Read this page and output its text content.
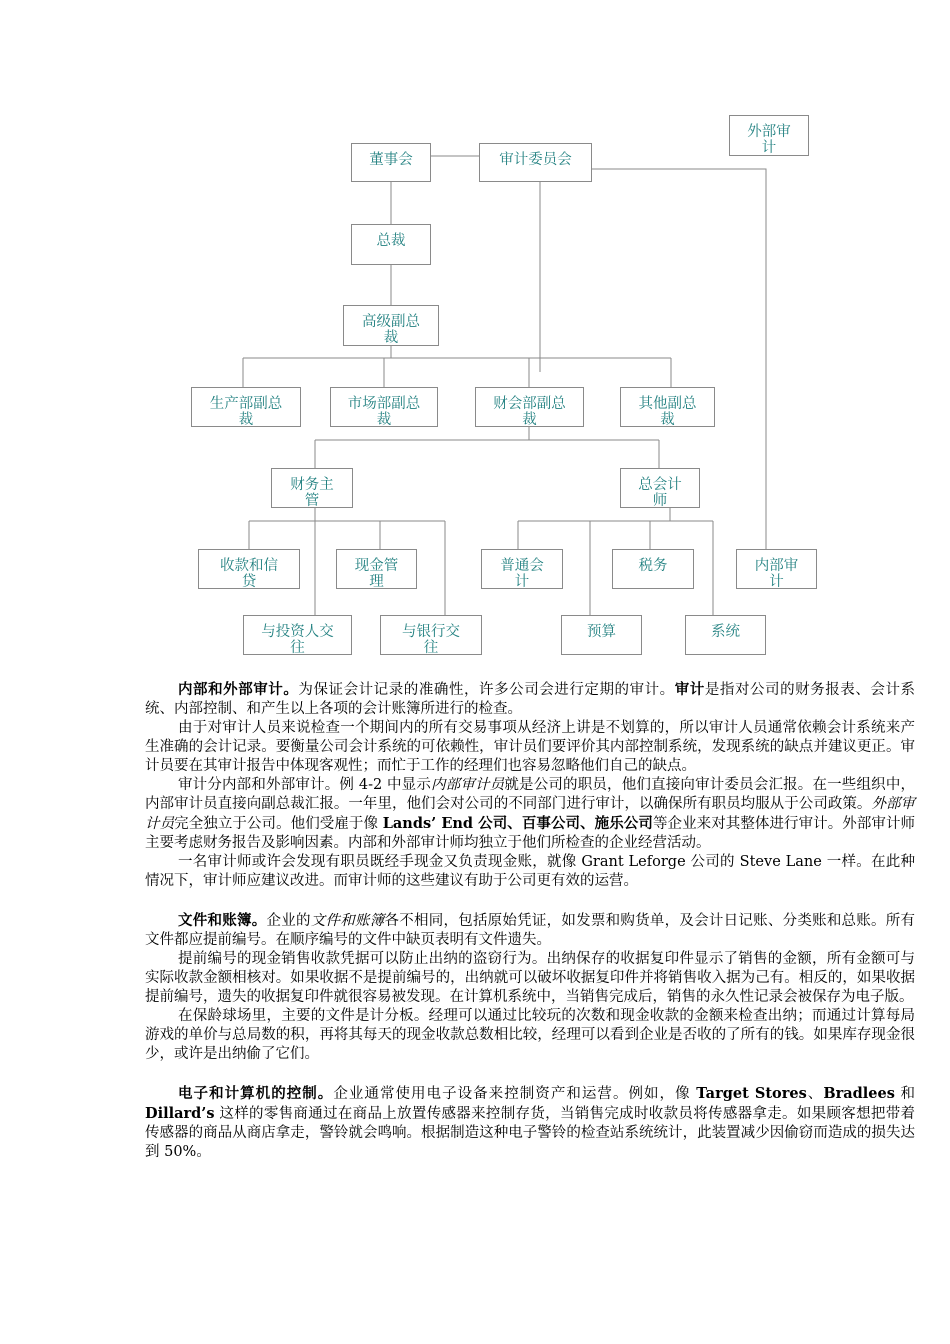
董事会	审计委员会
外部审计
总裁
高级副总裁
生产部副总裁
市场部副总裁
财会部副总裁
其他副总裁
财务主管
总会计师
收款和信贷
现金管理
普通会计
税务	内部审计
与投资人交往
与银行交往
预算	系统

内部和外部审计。为保证会计记录的准确性，许多公司会进行定期的审计。审计是指对公司的财务报表、会计系统、内部控制、和产生以上各项的会计账簿所进行的检查。

由于对审计人员来说检查一个期间内的所有交易事项从经济上讲是不划算的，所以审计人员通常依赖会计系统来产生准确的会计记录。要衡量公司会计系统的可依赖性，审计员们要评价其内部控制系统，发现系统的缺点并建议更正。审计员要在其审计报告中体现客观性；而忙于工作的经理们也容易忽略他们自己的缺点。

审计分内部和外部审计。例 4-2 中显示内部审计员就是公司的职员，他们直接向审计委员会汇报。在一些组织中，内部审计员直接向副总裁汇报。一年里，他们会对公司的不同部门进行审计，以确保所有职员均服从于公司政策。外部审计员完全独立于公司。他们受雇于像 Lands’ End 公司、百事公司、施乐公司等企业来对其整体进行审计。外部审计师主要考虑财务报告及影响因素。内部和外部审计师均独立于他们所检查的企业经营活动。

一名审计师或许会发现有职员既经手现金又负责现金账，就像 Grant Leforge 公司的 Steve Lane 一样。在此种情况下，审计师应建议改进。而审计师的这些建议有助于公司更有效的运营。

文件和账簿。企业的文件和账簿各不相同，包括原始凭证，如发票和购货单，及会计日记账、分类账和总账。所有文件都应提前编号。在顺序编号的文件中缺页表明有文件遗失。

提前编号的现金销售收款凭据可以防止出纳的盗窃行为。出纳保存的收据复印件显示了销售的金额，所有金额可与实际收款金额相核对。如果收据不是提前编号的，出纳就可以破坏收据复印件并将销售收入据为己有。相反的，如果收据提前编号，遗失的收据复印件就很容易被发现。在计算机系统中，当销售完成后，销售的永久性记录会被保存为电子版。

在保龄球场里，主要的文件是计分板。经理可以通过比较玩的次数和现金收款的金额来检查出纳；而通过计算每局游戏的单价与总局数的积，再将其每天的现金收款总数相比较，经理可以看到企业是否收的了所有的钱。如果库存现金很少，或许是出纳偷了它们。

电子和计算机的控制。企业通常使用电子设备来控制资产和运营。例如，像 Target Stores、Bradlees 和 Dillard’s 这样的零售商通过在商品上放置传感器来控制存货，当销售完成时收款员将传感器拿走。如果顾客想把带着传感器的商品从商店拿走，警铃就会鸣响。根据制造这种电子警铃的检查站系统统计，此装置减少因偷窃而造成的损失达到 50%。
